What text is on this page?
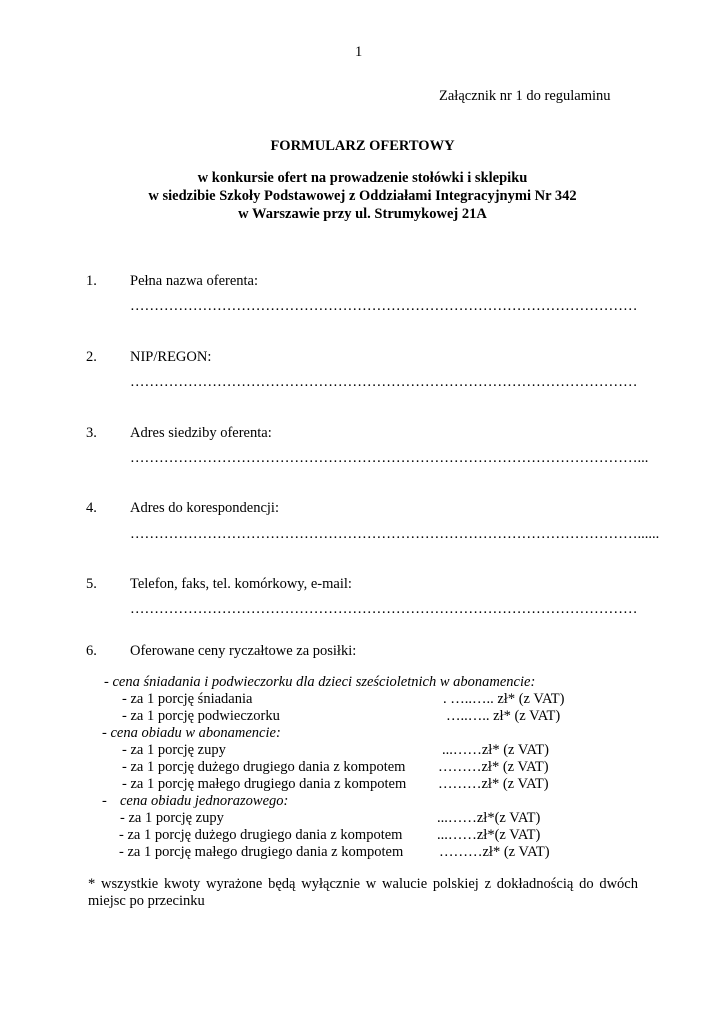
1
Załącznik nr 1 do regulaminu
FORMULARZ OFERTOWY
w konkursie ofert na prowadzenie stołówki i sklepiku
w siedzibie Szkoły Podstawowej z Oddziałami Integracyjnymi Nr 342
w Warszawie przy ul. Strumykowej 21A
1. Pełna nazwa oferenta:
……………………………………………………………………………………………
2. NIP/REGON:
……………………………………………………………………………………………
3. Adres siedziby oferenta:
……………………………………………………………………………………………...
4. Adres do korespondencji:
……………………………………………………………………………………………......
5. Telefon, faks, tel. komórkowy, e-mail:
……………………………………………………………………………………………
6. Oferowane ceny ryczałtowe za posiłki:
- cena śniadania i podwieczorku dla dzieci sześcioletnich w abonamencie:
- za 1 porcję śniadania	. …..….. zł* (z VAT)
- za 1 porcję podwieczorku	…..….. zł* (z VAT)
- cena obiadu w abonamencie:
- za 1 porcję zupy	...……zł* (z VAT)
- za 1 porcję dużego drugiego dania z kompotem ………zł* (z VAT)
- za 1 porcję małego drugiego dania z kompotem ………zł* (z VAT)
- cena obiadu jednorazowego:
- za 1 porcję zupy	...……zł*(z VAT)
- za 1 porcję dużego drugiego dania z kompotem ...……zł*(z VAT)
- za 1 porcję małego drugiego dania z kompotem ………zł* (z VAT)
* wszystkie kwoty wyrażone będą wyłącznie w walucie polskiej z dokładnością do dwóch miejsc po przecinku
